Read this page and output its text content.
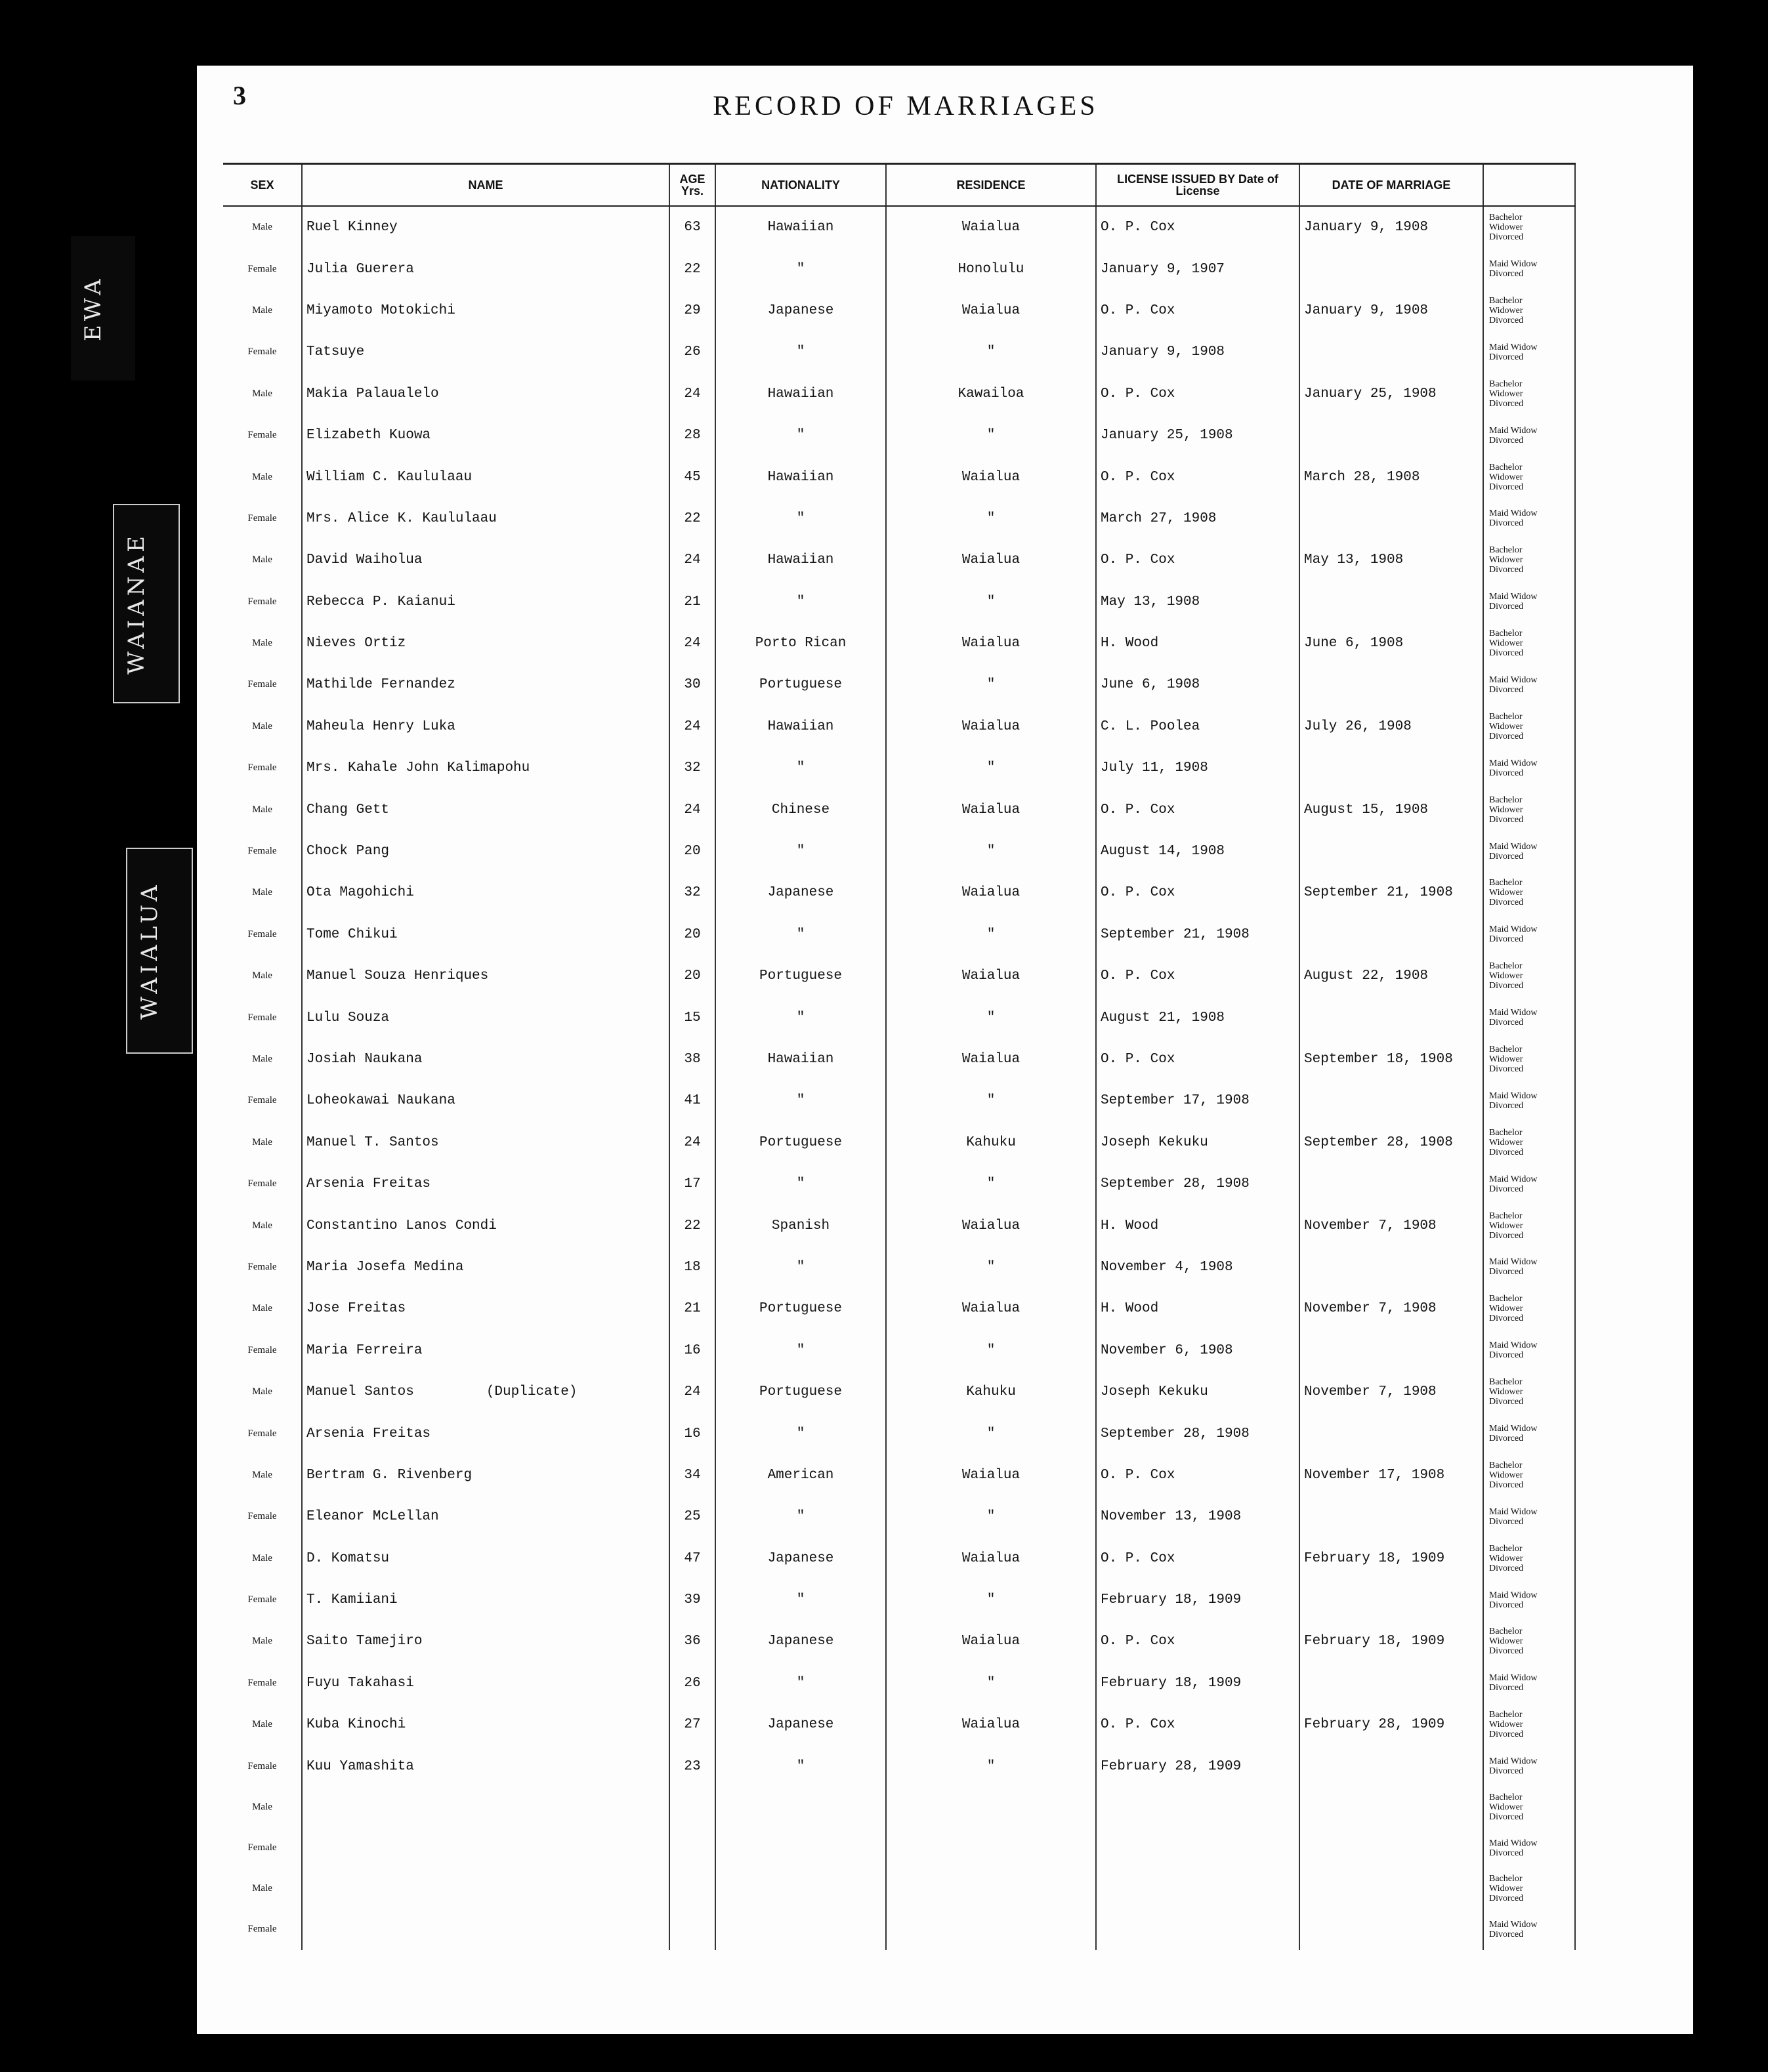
EWA
WAIANAE
WAIALUA
3	RECORD OF MARRIAGES
SEX	NAME	AGE Yrs.	NATIONALITY	RESIDENCE	LICENSE ISSUED BY Date of License	DATE OF MARRIAGE	
Male	Ruel Kinney	63	Hawaiian	Waialua	O. P. Cox	January 9, 1908	Bachelor Widower Divorced

Female	Julia Guerera	22	"	Honolulu	January 9, 1907		Maid Widow Divorced

Male	Miyamoto Motokichi	29	Japanese	Waialua	O. P. Cox	January 9, 1908	Bachelor Widower Divorced

Female	Tatsuye	26	"	"	January 9, 1908		Maid Widow Divorced

Male	Makia Palaualelo	24	Hawaiian	Kawailoa	O. P. Cox	January 25, 1908	Bachelor Widower Divorced

Female	Elizabeth Kuowa	28	"	"	January 25, 1908		Maid Widow Divorced

Male	William C. Kaululaau	45	Hawaiian	Waialua	O. P. Cox	March 28, 1908	Bachelor Widower Divorced

Female	Mrs. Alice K. Kaululaau	22	"	"	March 27, 1908		Maid Widow Divorced

Male	David Waiholua	24	Hawaiian	Waialua	O. P. Cox	May 13, 1908	Bachelor Widower Divorced

Female	Rebecca P. Kaianui	21	"	"	May 13, 1908		Maid Widow Divorced

Male	Nieves Ortiz	24	Porto Rican	Waialua	H. Wood	June 6, 1908	Bachelor Widower Divorced

Female	Mathilde Fernandez	30	Portuguese	"	June 6, 1908		Maid Widow Divorced

Male	Maheula Henry Luka	24	Hawaiian	Waialua	C. L. Poolea	July 26, 1908	Bachelor Widower Divorced

Female	Mrs. Kahale John Kalimapohu	32	"	"	July 11, 1908		Maid Widow Divorced

Male	Chang Gett	24	Chinese	Waialua	O. P. Cox	August 15, 1908	Bachelor Widower Divorced

Female	Chock Pang	20	"	"	August 14, 1908		Maid Widow Divorced

Male	Ota Magohichi	32	Japanese	Waialua	O. P. Cox	September 21, 1908	Bachelor Widower Divorced

Female	Tome Chikui	20	"	"	September 21, 1908		Maid Widow Divorced

Male	Manuel Souza Henriques	20	Portuguese	Waialua	O. P. Cox	August 22, 1908	Bachelor Widower Divorced

Female	Lulu Souza	15	"	"	August 21, 1908		Maid Widow Divorced

Male	Josiah Naukana	38	Hawaiian	Waialua	O. P. Cox	September 18, 1908	Bachelor Widower Divorced

Female	Loheokawai Naukana	41	"	"	September 17, 1908		Maid Widow Divorced

Male	Manuel T. Santos	24	Portuguese	Kahuku	Joseph Kekuku	September 28, 1908	Bachelor Widower Divorced

Female	Arsenia Freitas	17	"	"	September 28, 1908		Maid Widow Divorced

Male	Constantino Lanos Condi	22	Spanish	Waialua	H. Wood	November 7, 1908	Bachelor Widower Divorced

Female	Maria Josefa Medina	18	"	"	November 4, 1908		Maid Widow Divorced

Male	Jose Freitas	21	Portuguese	Waialua	H. Wood	November 7, 1908	Bachelor Widower Divorced

Female	Maria Ferreira	16	"	"	November 6, 1908		Maid Widow Divorced

Male	Manuel Santos (Duplicate)	24	Portuguese	Kahuku	Joseph Kekuku	November 7, 1908	Bachelor Widower Divorced

Female	Arsenia Freitas	16	"	"	September 28, 1908		Maid Widow Divorced

Male	Bertram G. Rivenberg	34	American	Waialua	O. P. Cox	November 17, 1908	Bachelor Widower Divorced

Female	Eleanor McLellan	25	"	"	November 13, 1908		Maid Widow Divorced

Male	D. Komatsu	47	Japanese	Waialua	O. P. Cox	February 18, 1909	Bachelor Widower Divorced

Female	T. Kamiiani	39	"	"	February 18, 1909		Maid Widow Divorced

Male	Saito Tamejiro	36	Japanese	Waialua	O. P. Cox	February 18, 1909	Bachelor Widower Divorced

Female	Fuyu Takahasi	26	"	"	February 18, 1909		Maid Widow Divorced

Male	Kuba Kinochi	27	Japanese	Waialua	O. P. Cox	February 28, 1909	Bachelor Widower Divorced

Female	Kuu Yamashita	23	"	"	February 28, 1909		Maid Widow Divorced

Male							Bachelor Widower Divorced

Female							Maid Widow Divorced

Male							Bachelor Widower Divorced

Female							Maid Widow Divorced
